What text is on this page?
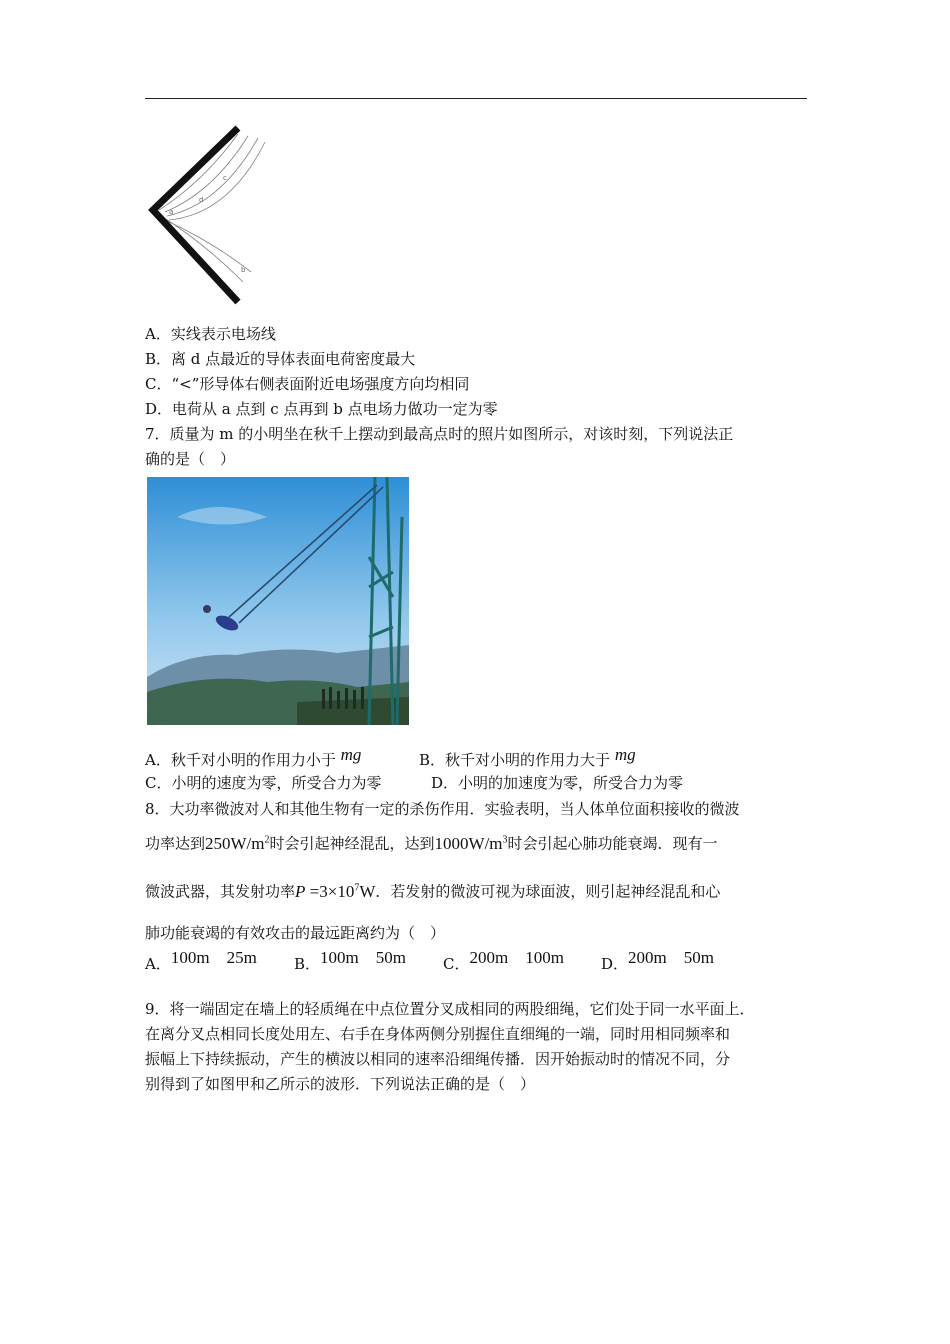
a
d
c
b
A．实线表示电场线
B．离 d 点最近的导体表面电荷密度最大
C．“<”形导体右侧表面附近电场强度方向均相同
D．电荷从 a 点到 c 点再到 b 点电场力做功一定为零
7．质量为 m 的小明坐在秋千上摆动到最高点时的照片如图所示，对该时刻，下列说法正
确的是（　）
A．秋千对小明的作用力小于 mg	B．秋千对小明的作用力大于 mg
C．小明的速度为零，所受合力为零	D．小明的加速度为零，所受合力为零
8．大功率微波对人和其他生物有一定的杀伤作用．实验表明，当人体单位面积接收的微波
功率达到$250W/m^2$时会引起神经混乱，达到$1000W/m^3$时会引起心肺功能衰竭．现有一
微波武器，其发射功率$P =3\times 10^7W$．若发射的微波可视为球面波，则引起神经混乱和心
肺功能衰竭的有效攻击的最远距离约为（　）
A．100m　25m B．100m　50m C．200m　100m D．200m　50m
9．将一端固定在墙上的轻质绳在中点位置分叉成相同的两股细绳，它们处于同一水平面上．
在离分叉点相同长度处用左、右手在身体两侧分别握住直细绳的一端，同时用相同频率和
振幅上下持续振动，产生的横波以相同的速率沿细绳传播．因开始振动时的情况不同，分
别得到了如图甲和乙所示的波形．下列说法正确的是（　）
